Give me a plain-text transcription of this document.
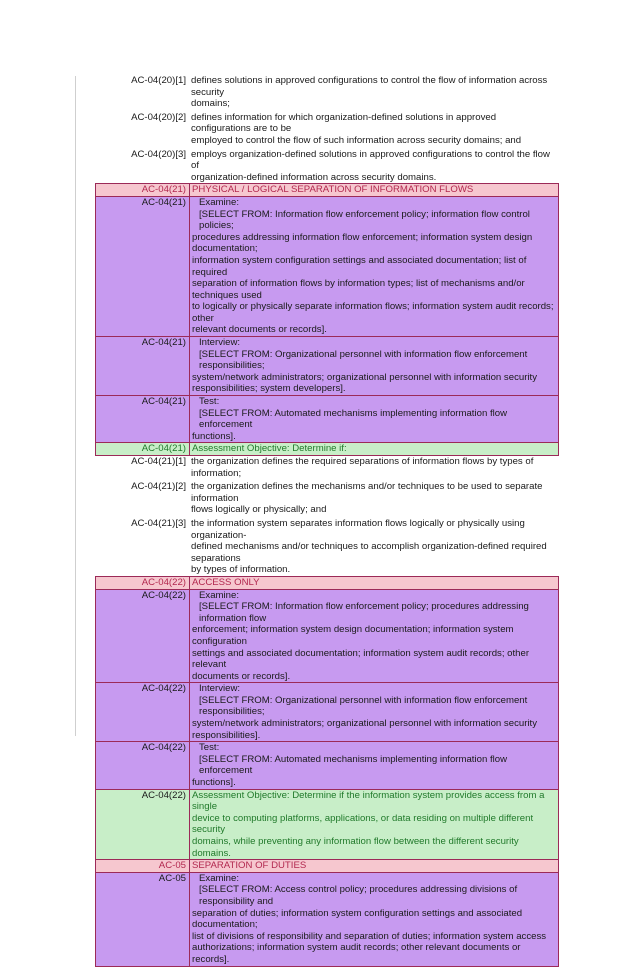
AC-04(20)[1] defines solutions in approved configurations to control the flow of information across security
domains;
AC-04(20)[2] defines information for which organization-defined solutions in approved configurations are to be
employed to control the flow of such information across security domains; and
AC-04(20)[3] employs organization-defined solutions in approved configurations to control the flow of
organization-defined information across security domains.
AC-04(21) PHYSICAL / LOGICAL SEPARATION OF INFORMATION FLOWS
AC-04(21)	Examine:
[SELECT FROM: Information flow enforcement policy; information flow control policies;
procedures addressing information flow enforcement; information system design documentation;
information system configuration settings and associated documentation; list of required
separation of information flows by information types; list of mechanisms and/or techniques used
to logically or physically separate information flows; information system audit records; other
relevant documents or records].
AC-04(21)	Interview:
[SELECT FROM: Organizational personnel with information flow enforcement responsibilities;
system/network administrators; organizational personnel with information security
responsibilities; system developers].
AC-04(21)	Test:
[SELECT FROM: Automated mechanisms implementing information flow enforcement
functions].
AC-04(21) Assessment Objective: Determine if:
AC-04(21)[1] the organization defines the required separations of information flows by types of information;
AC-04(21)[2] the organization defines the mechanisms and/or techniques to be used to separate information
flows logically or physically; and
AC-04(21)[3] the information system separates information flows logically or physically using organization-
defined mechanisms and/or techniques to accomplish organization-defined required separations
by types of information.
AC-04(22) ACCESS ONLY
AC-04(22)	Examine:
[SELECT FROM: Information flow enforcement policy; procedures addressing information flow
enforcement; information system design documentation; information system configuration
settings and associated documentation; information system audit records; other relevant
documents or records].
AC-04(22)	Interview:
[SELECT FROM: Organizational personnel with information flow enforcement responsibilities;
system/network administrators; organizational personnel with information security
responsibilities].
AC-04(22)	Test:
[SELECT FROM: Automated mechanisms implementing information flow enforcement
functions].
AC-04(22) Assessment Objective: Determine if the information system provides access from a single
device to computing platforms, applications, or data residing on multiple different security
domains, while preventing any information flow between the different security domains.
AC-05 SEPARATION OF DUTIES
AC-05	Examine:
[SELECT FROM: Access control policy; procedures addressing divisions of responsibility and
separation of duties; information system configuration settings and associated documentation;
list of divisions of responsibility and separation of duties; information system access
authorizations; information system audit records; other relevant documents or records].
